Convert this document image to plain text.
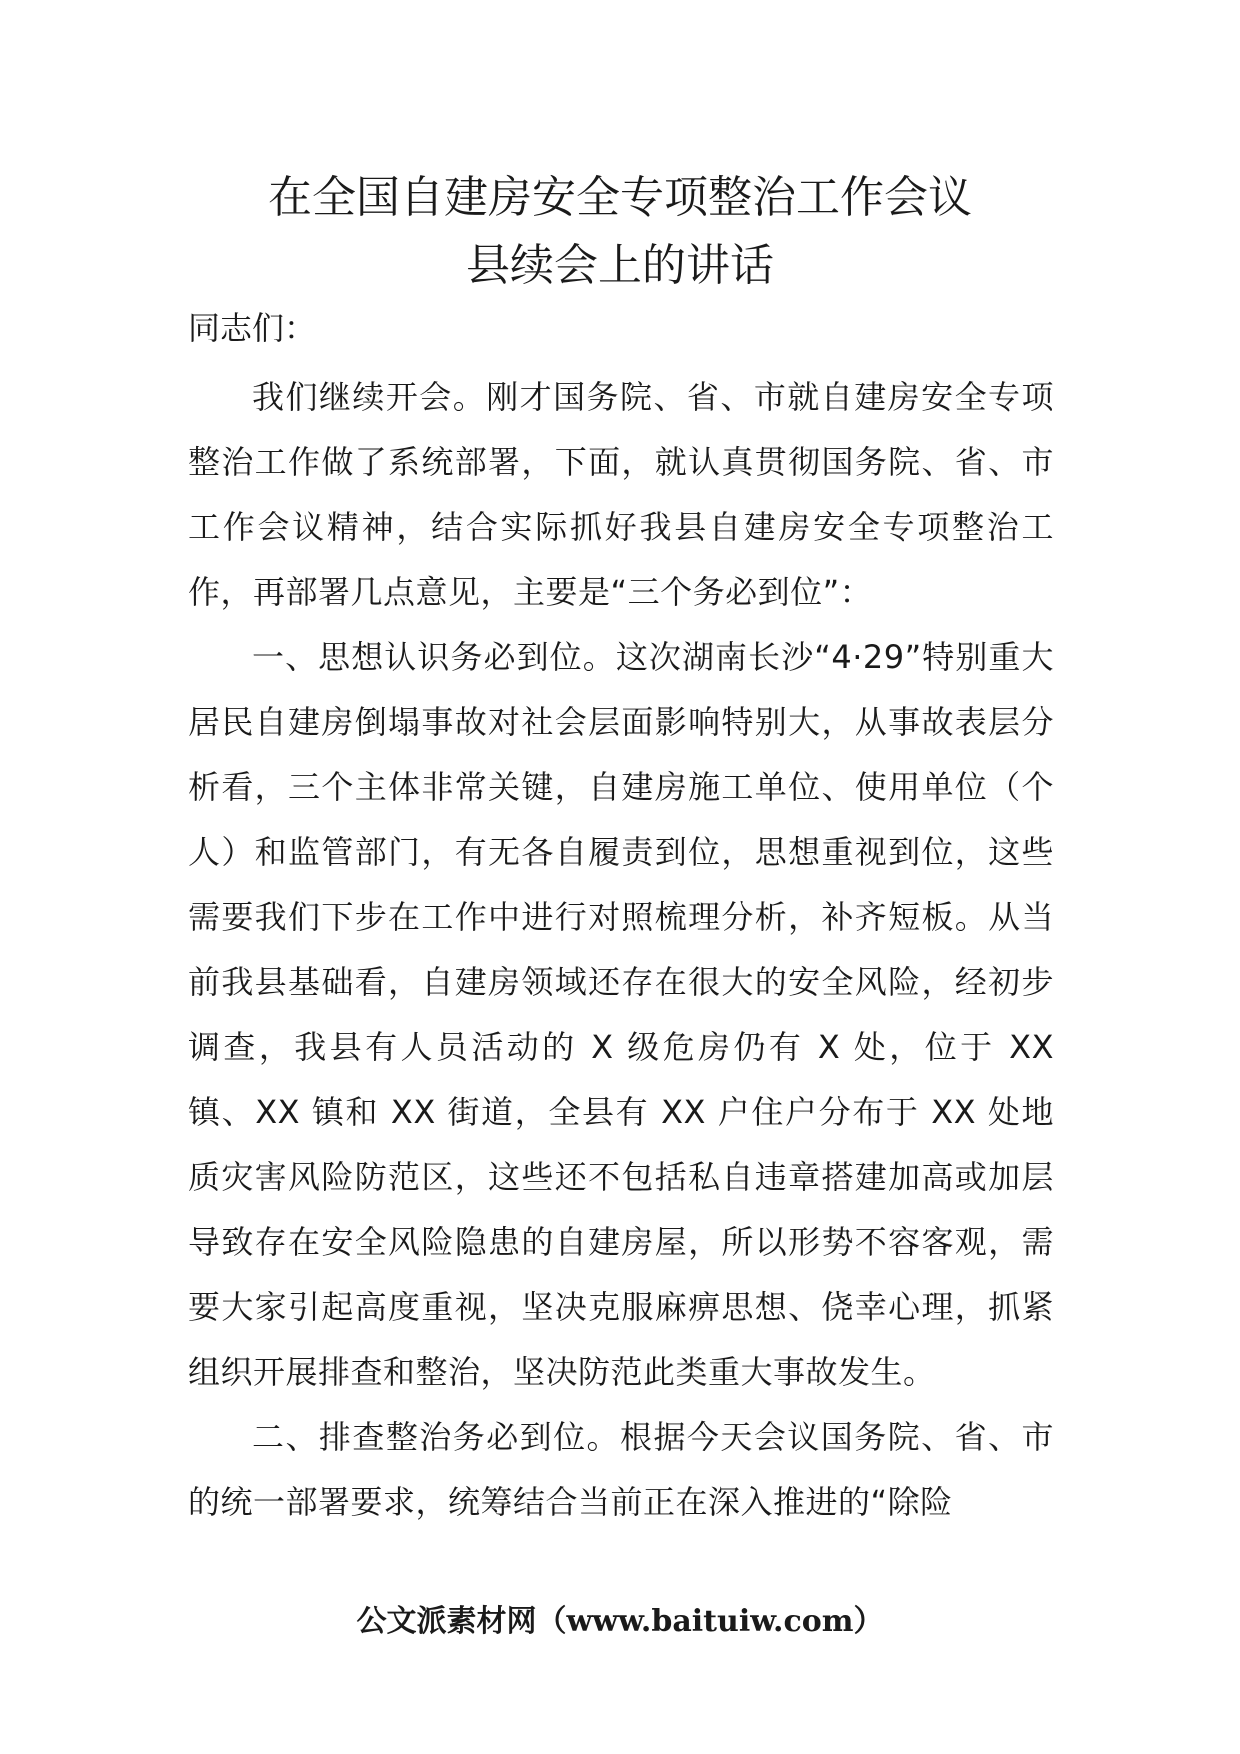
在全国自建房安全专项整治工作会议
县续会上的讲话

同志们：

我们继续开会。刚才国务院、省、市就自建房安全专项整治工作做了系统部署，下面，就认真贯彻国务院、省、市工作会议精神，结合实际抓好我县自建房安全专项整治工作，再部署几点意见，主要是“三个务必到位”：

一、思想认识务必到位。这次湖南长沙“4·29”特别重大居民自建房倒塌事故对社会层面影响特别大，从事故表层分析看，三个主体非常关键，自建房施工单位、使用单位（个人）和监管部门，有无各自履责到位，思想重视到位，这些需要我们下步在工作中进行对照梳理分析，补齐短板。从当前我县基础看，自建房领域还存在很大的安全风险，经初步调查，我县有人员活动的 X 级危房仍有 X 处，位于 XX 镇、XX 镇和 XX 街道，全县有 XX 户住户分布于 XX 处地质灾害风险防范区，这些还不包括私自违章搭建加高或加层导致存在安全风险隐患的自建房屋，所以形势不容客观，需要大家引起高度重视，坚决克服麻痹思想、侥幸心理，抓紧组织开展排查和整治，坚决防范此类重大事故发生。

二、排查整治务必到位。根据今天会议国务院、省、市的统一部署要求，统筹结合当前正在深入推进的“除险

公文派素材网（www.baituiw.com）
